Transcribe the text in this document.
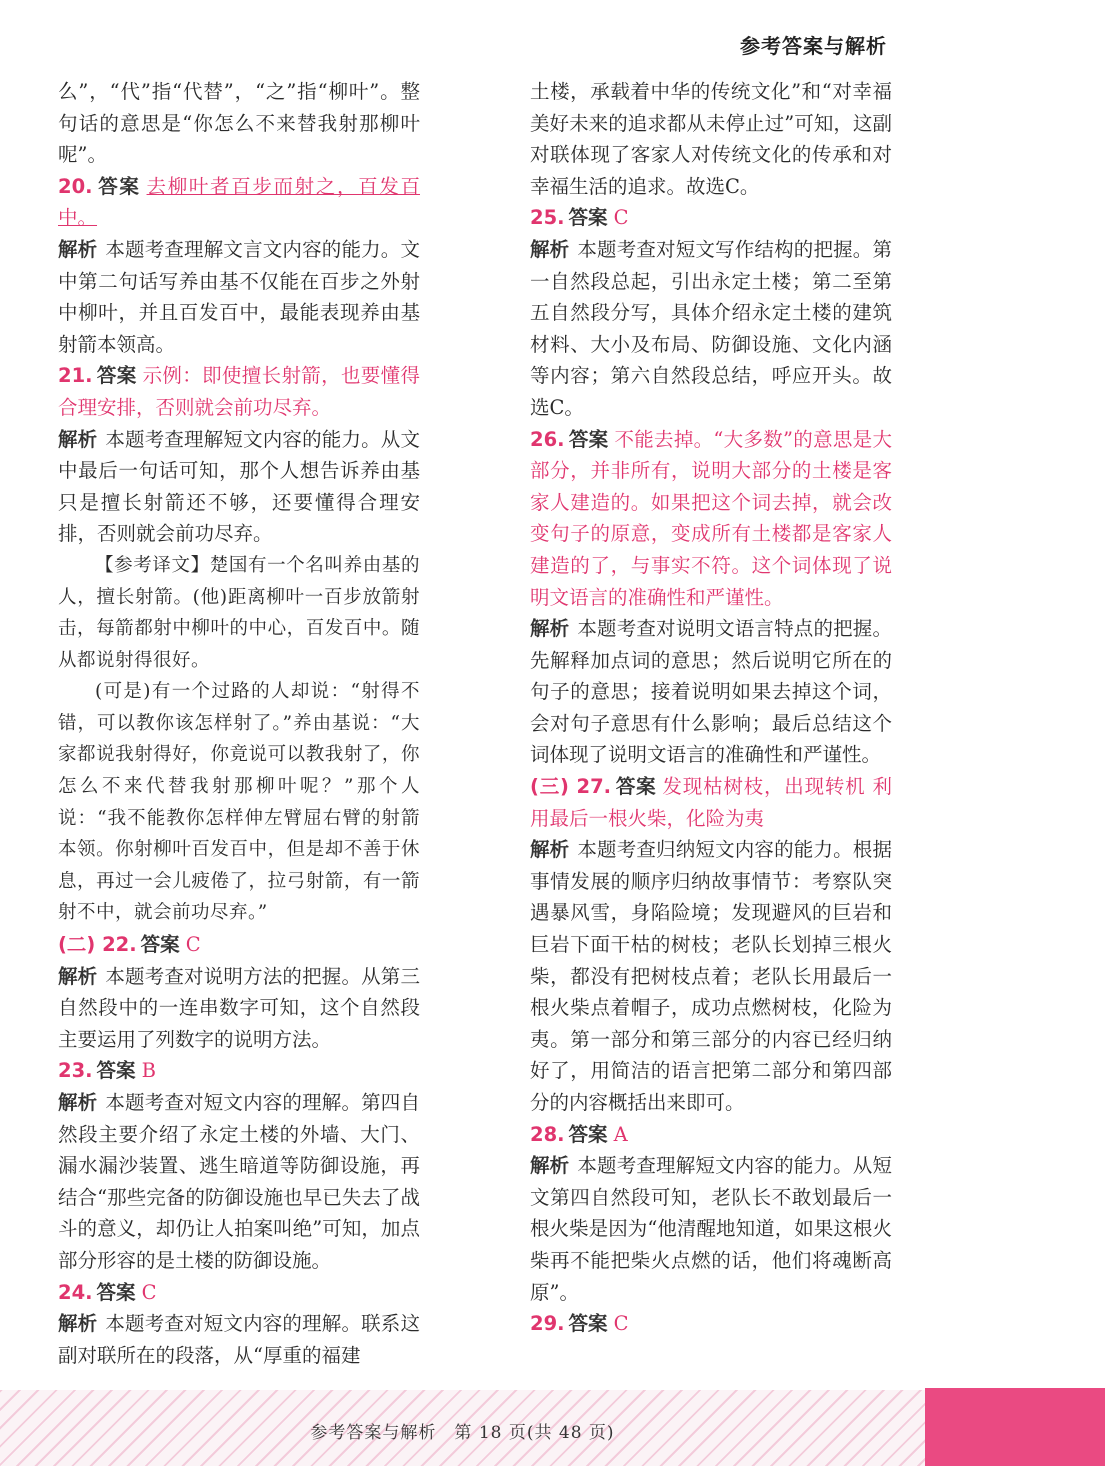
参考答案与解析

么”，“代”指“代替”，“之”指“柳叶”。整句话的意思是“你怎么不来替我射那柳叶呢”。

20. 答案 去柳叶者百步而射之，百发百中。

解析 本题考查理解文言文内容的能力。文中第二句话写养由基不仅能在百步之外射中柳叶，并且百发百中，最能表现养由基射箭本领高。

21. 答案 示例：即使擅长射箭，也要懂得合理安排，否则就会前功尽弃。

解析 本题考查理解短文内容的能力。从文中最后一句话可知，那个人想告诉养由基只是擅长射箭还不够，还要懂得合理安排，否则就会前功尽弃。

【参考译文】楚国有一个名叫养由基的人，擅长射箭。(他)距离柳叶一百步放箭射击，每箭都射中柳叶的中心，百发百中。随从都说射得很好。

(可是)有一个过路的人却说：“射得不错，可以教你该怎样射了。”养由基说：“大家都说我射得好，你竟说可以教我射了，你怎么不来代替我射那柳叶呢？”那个人说：“我不能教你怎样伸左臂屈右臂的射箭本领。你射柳叶百发百中，但是却不善于休息，再过一会儿疲倦了，拉弓射箭，有一箭射不中，就会前功尽弃。”

(二) 22. 答案 C

解析 本题考查对说明方法的把握。从第三自然段中的一连串数字可知，这个自然段主要运用了列数字的说明方法。

23. 答案 B

解析 本题考查对短文内容的理解。第四自然段主要介绍了永定土楼的外墙、大门、漏水漏沙装置、逃生暗道等防御设施，再结合“那些完备的防御设施也早已失去了战斗的意义，却仍让人拍案叫绝”可知，加点部分形容的是土楼的防御设施。

24. 答案 C

解析 本题考查对短文内容的理解。联系这副对联所在的段落，从“厚重的福建

土楼，承载着中华的传统文化”和“对幸福美好未来的追求都从未停止过”可知，这副对联体现了客家人对传统文化的传承和对幸福生活的追求。故选C。

25. 答案 C

解析 本题考查对短文写作结构的把握。第一自然段总起，引出永定土楼；第二至第五自然段分写，具体介绍永定土楼的建筑材料、大小及布局、防御设施、文化内涵等内容；第六自然段总结，呼应开头。故选C。

26. 答案 不能去掉。“大多数”的意思是大部分，并非所有，说明大部分的土楼是客家人建造的。如果把这个词去掉，就会改变句子的原意，变成所有土楼都是客家人建造的了，与事实不符。这个词体现了说明文语言的准确性和严谨性。

解析 本题考查对说明文语言特点的把握。先解释加点词的意思；然后说明它所在的句子的意思；接着说明如果去掉这个词，会对句子意思有什么影响；最后总结这个词体现了说明文语言的准确性和严谨性。

(三) 27. 答案 发现枯树枝，出现转机 利用最后一根火柴，化险为夷

解析 本题考查归纳短文内容的能力。根据事情发展的顺序归纳故事情节：考察队突遇暴风雪，身陷险境；发现避风的巨岩和巨岩下面干枯的树枝；老队长划掉三根火柴，都没有把树枝点着；老队长用最后一根火柴点着帽子，成功点燃树枝，化险为夷。第一部分和第三部分的内容已经归纳好了，用简洁的语言把第二部分和第四部分的内容概括出来即可。

28. 答案 A

解析 本题考查理解短文内容的能力。从短文第四自然段可知，老队长不敢划最后一根火柴是因为“他清醒地知道，如果这根火柴再不能把柴火点燃的话，他们将魂断高原”。

29. 答案 C

参考答案与解析　第 18 页(共 48 页)
